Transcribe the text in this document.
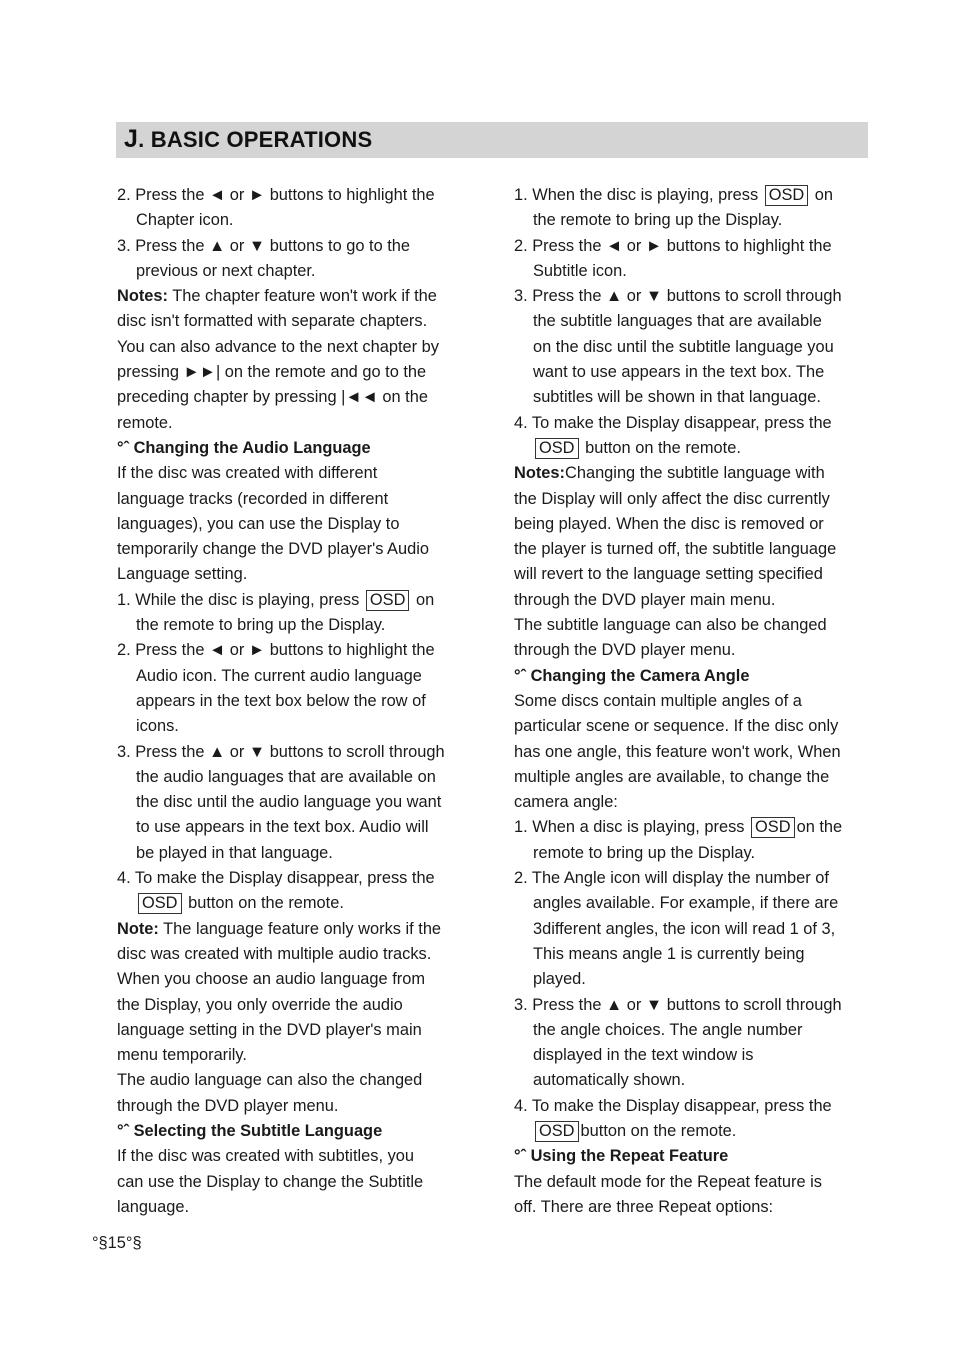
J. BASIC OPERATIONS
2. Press the ◄ or ► buttons to highlight the
Chapter icon.
3. Press the ▲ or ▼ buttons to go to the
previous or next chapter.
Notes: The chapter feature won't work if the
disc isn't formatted with separate chapters.
You can also advance to the next chapter by
pressing ►►| on the remote and go to the
preceding chapter by pressing |◄◄ on the
remote.
°ˆ Changing the Audio Language
If the disc was created with different
language tracks (recorded in different
languages), you can use the Display to
temporarily change the DVD player's Audio
Language setting.
1. While the disc is playing, press OSD on
the remote to bring up the Display.
2. Press the ◄ or ► buttons to highlight the
Audio icon. The current audio language
appears in the text box below the row of
icons.
3. Press the ▲ or ▼ buttons to scroll through
the audio languages that are available on
the disc until the audio language you want
to use appears in the text box. Audio will
be played in that language.
4. To make the Display disappear, press the
OSD button on the remote.
Note: The language feature only works if the
disc was created with multiple audio tracks.
When you choose an audio language from
the Display, you only override the audio
language setting in the DVD player's main
menu temporarily.
The audio language can also the changed
through the DVD player menu.
°ˆ Selecting the Subtitle Language
If the disc was created with subtitles, you
can use the Display to change the Subtitle
language.
1. When the disc is playing, press OSD on
the remote to bring up the Display.
2. Press the ◄ or ► buttons to highlight the
Subtitle icon.
3. Press the ▲ or ▼ buttons to scroll through
the subtitle languages that are available
on the disc until the subtitle language you
want to use appears in the text box. The
subtitles will be shown in that language.
4. To make the Display disappear, press the
OSD button on the remote.
Notes:Changing the subtitle language with
the Display will only affect the disc currently
being played. When the disc is removed or
the player is turned off, the subtitle language
will revert to the language setting specified
through the DVD player main menu.
The subtitle language can also be changed
through the DVD player menu.
°ˆ Changing the Camera Angle
Some discs contain multiple angles of a
particular scene or sequence. If the disc only
has one angle, this feature won't work, When
multiple angles are available, to change the
camera angle:
1. When a disc is playing, press OSD on the
remote to bring up the Display.
2. The Angle icon will display the number of
angles available. For example, if there are
3different angles, the icon will read 1 of 3,
This means angle 1 is currently being
played.
3. Press the ▲ or ▼ buttons to scroll through
the angle choices. The angle number
displayed in the text window is
automatically shown.
4. To make the Display disappear, press the
OSD button on the remote.
°ˆ Using the Repeat Feature
The default mode for the Repeat feature is
off. There are three Repeat options:
°§15°§
